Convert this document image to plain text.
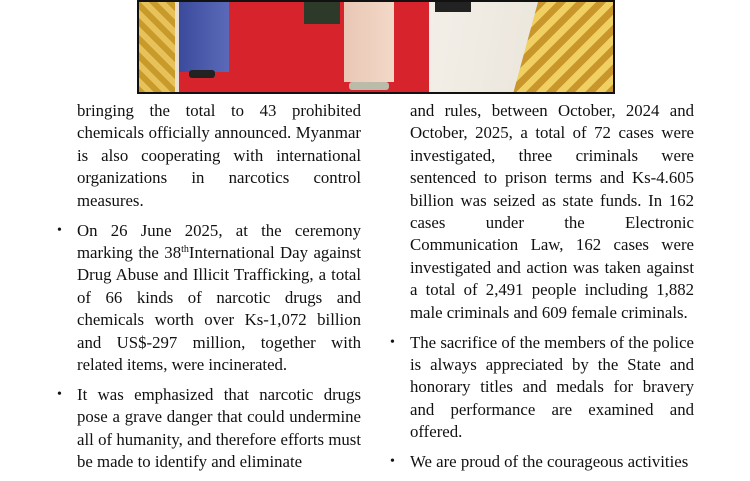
bringing the total to 43 prohibited chemicals officially announced. Myanmar is also cooperating with international organizations in narcotics control measures.

• On 26 June 2025, at the ceremony marking the 38thInternational Day against Drug Abuse and Illicit Trafficking, a total of 66 kinds of narcotic drugs and chemicals worth over Ks-1,072 billion and US$-297 million, together with related items, were incinerated.

• It was emphasized that narcotic drugs pose a grave danger that could undermine all of humanity, and therefore efforts must be made to identify and eliminate

and rules, between October, 2024 and October, 2025, a total of 72 cases were investigated, three criminals were sentenced to prison terms and Ks-4.605 billion was seized as state funds. In 162 cases under the Electronic Communication Law, 162 cases were investigated and action was taken against a total of 2,491 people including 1,882 male criminals and 609 female criminals.

• The sacrifice of the members of the police is always appreciated by the State and honorary titles and medals for bravery and performance are examined and offered.

• We are proud of the courageous activities
